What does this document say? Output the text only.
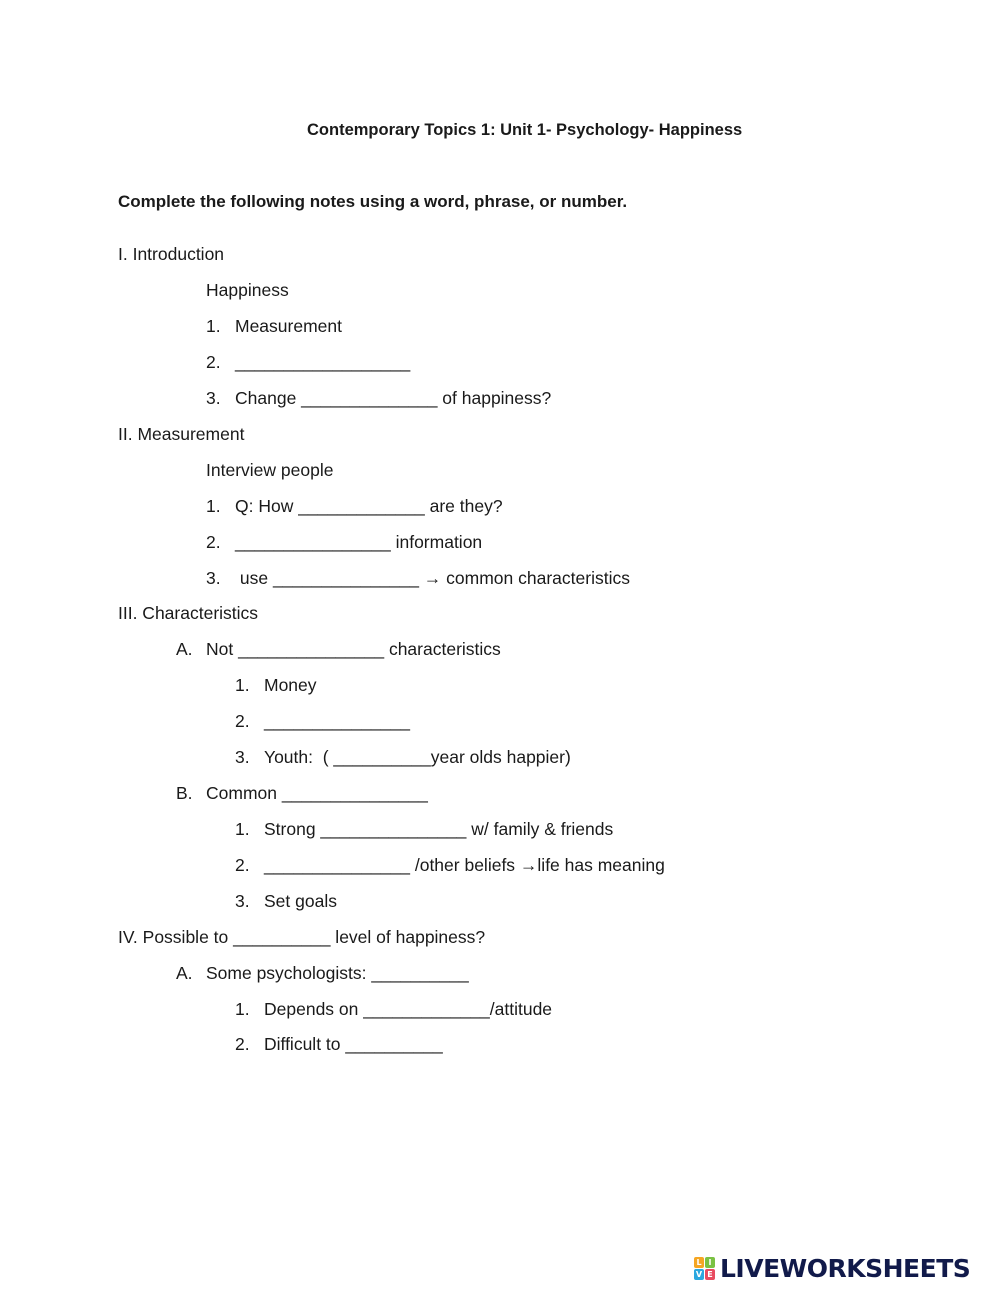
Contemporary Topics 1: Unit 1- Psychology- Happiness
Complete the following notes using a word, phrase, or number.
I. Introduction
Happiness
1. Measurement
2. __________________
3. Change ______________ of happiness?
II. Measurement
Interview people
1. Q: How _____________ are they?
2. ________________ information
3. use _______________ → common characteristics
III. Characteristics
A. Not _______________ characteristics
1. Money
2. _______________
3. Youth:  ( __________year olds happier)
B. Common _______________
1. Strong _______________ w/ family & friends
2. _______________ /other beliefs →life has meaning
3. Set goals
IV. Possible to __________ level of happiness?
A. Some psychologists: __________
1. Depends on _____________/attitude
2. Difficult to __________
L I
V E LIVEWORKSHEETS
